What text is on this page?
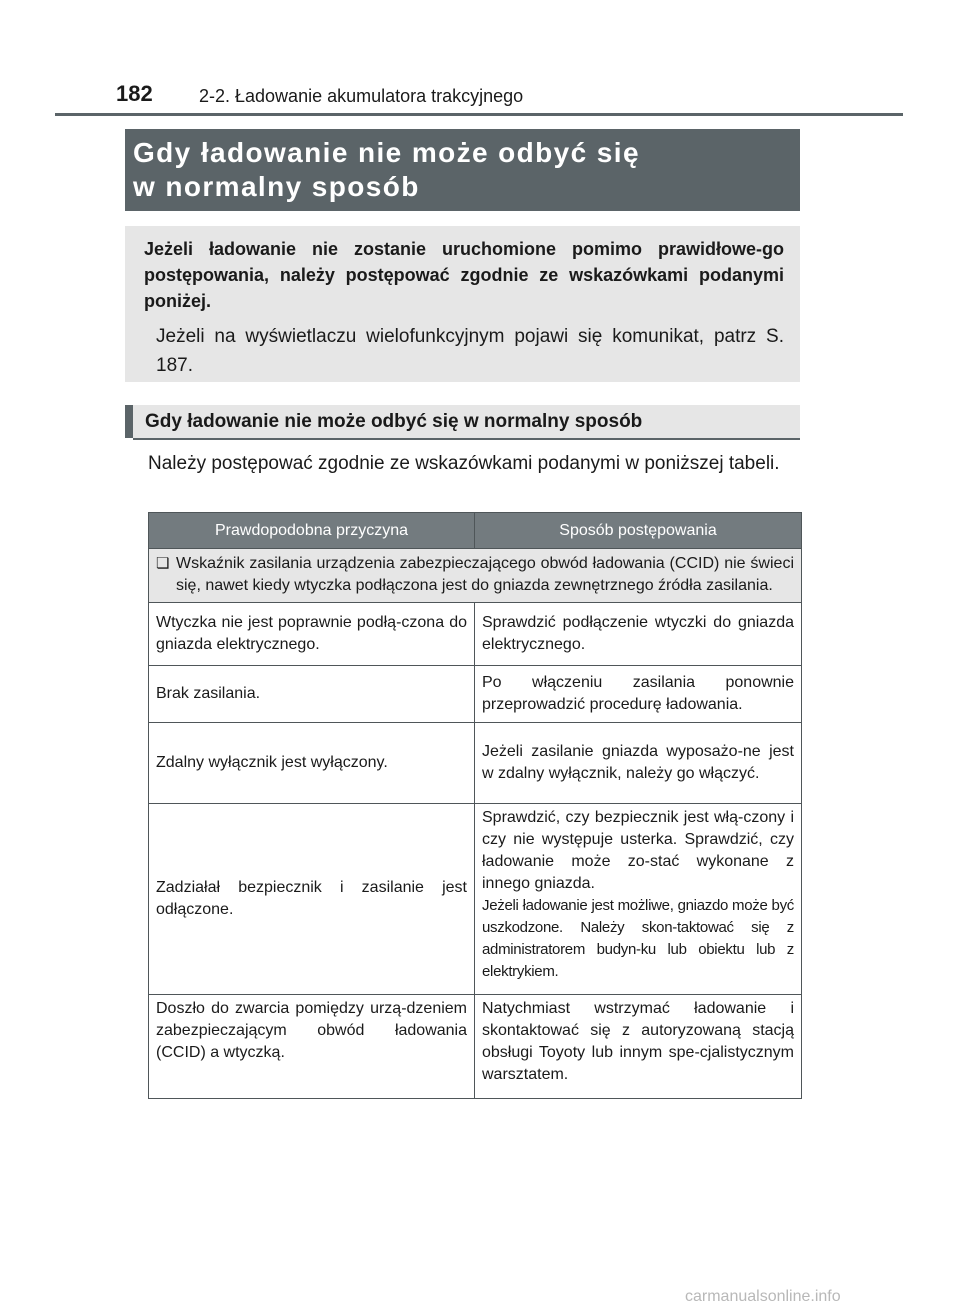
182	2-2. Ładowanie akumulatora trakcyjnego

Gdy ładowanie nie może odbyć się

w normalny sposób

Jeżeli ładowanie nie zostanie uruchomione pomimo prawidłowe-go postępowania, należy postępować zgodnie ze wskazówkami podanymi poniżej.

Jeżeli na wyświetlaczu wielofunkcyjnym pojawi się komunikat, patrz S. 187.

Gdy ładowanie nie może odbyć się w normalny sposób

Należy postępować zgodnie ze wskazówkami podanymi w poniższej tabeli.

Prawdopodobna przyczyna	Sposób postępowania

❏ Wskaźnik zasilania urządzenia zabezpieczającego obwód ładowania (CCID) nie świeci się, nawet kiedy wtyczka podłączona jest do gniazda zewnętrznego źródła zasilania.	

Wtyczka nie jest poprawnie podłą-czona do gniazda elektrycznego.	Sprawdzić podłączenie wtyczki do gniazda elektrycznego.
Brak zasilania.	Po włączeniu zasilania ponownie przeprowadzić procedurę ładowania.
Zdalny wyłącznik jest wyłączony.	Jeżeli zasilanie gniazda wyposażo-ne jest w zdalny wyłącznik, należy go włączyć.
Zadziałał bezpiecznik i zasilanie jest odłączone.	Sprawdzić, czy bezpiecznik jest włą-czony i czy nie występuje usterka. Sprawdzić, czy ładowanie może zo-stać wykonane z innego gniazda.
Jeżeli ładowanie jest możliwe, gniazdo może być uszkodzone. Należy skon-taktować się z administratorem budyn-ku lub obiektu lub z elektrykiem.

Doszło do zwarcia pomiędzy urzą-dzeniem zabezpieczającym obwód ładowania (CCID) a wtyczką.	Natychmiast wstrzymać ładowanie i skontaktować się z autoryzowaną stacją obsługi Toyoty lub innym spe-cjalistycznym warsztatem.
carmanualsonline.info
